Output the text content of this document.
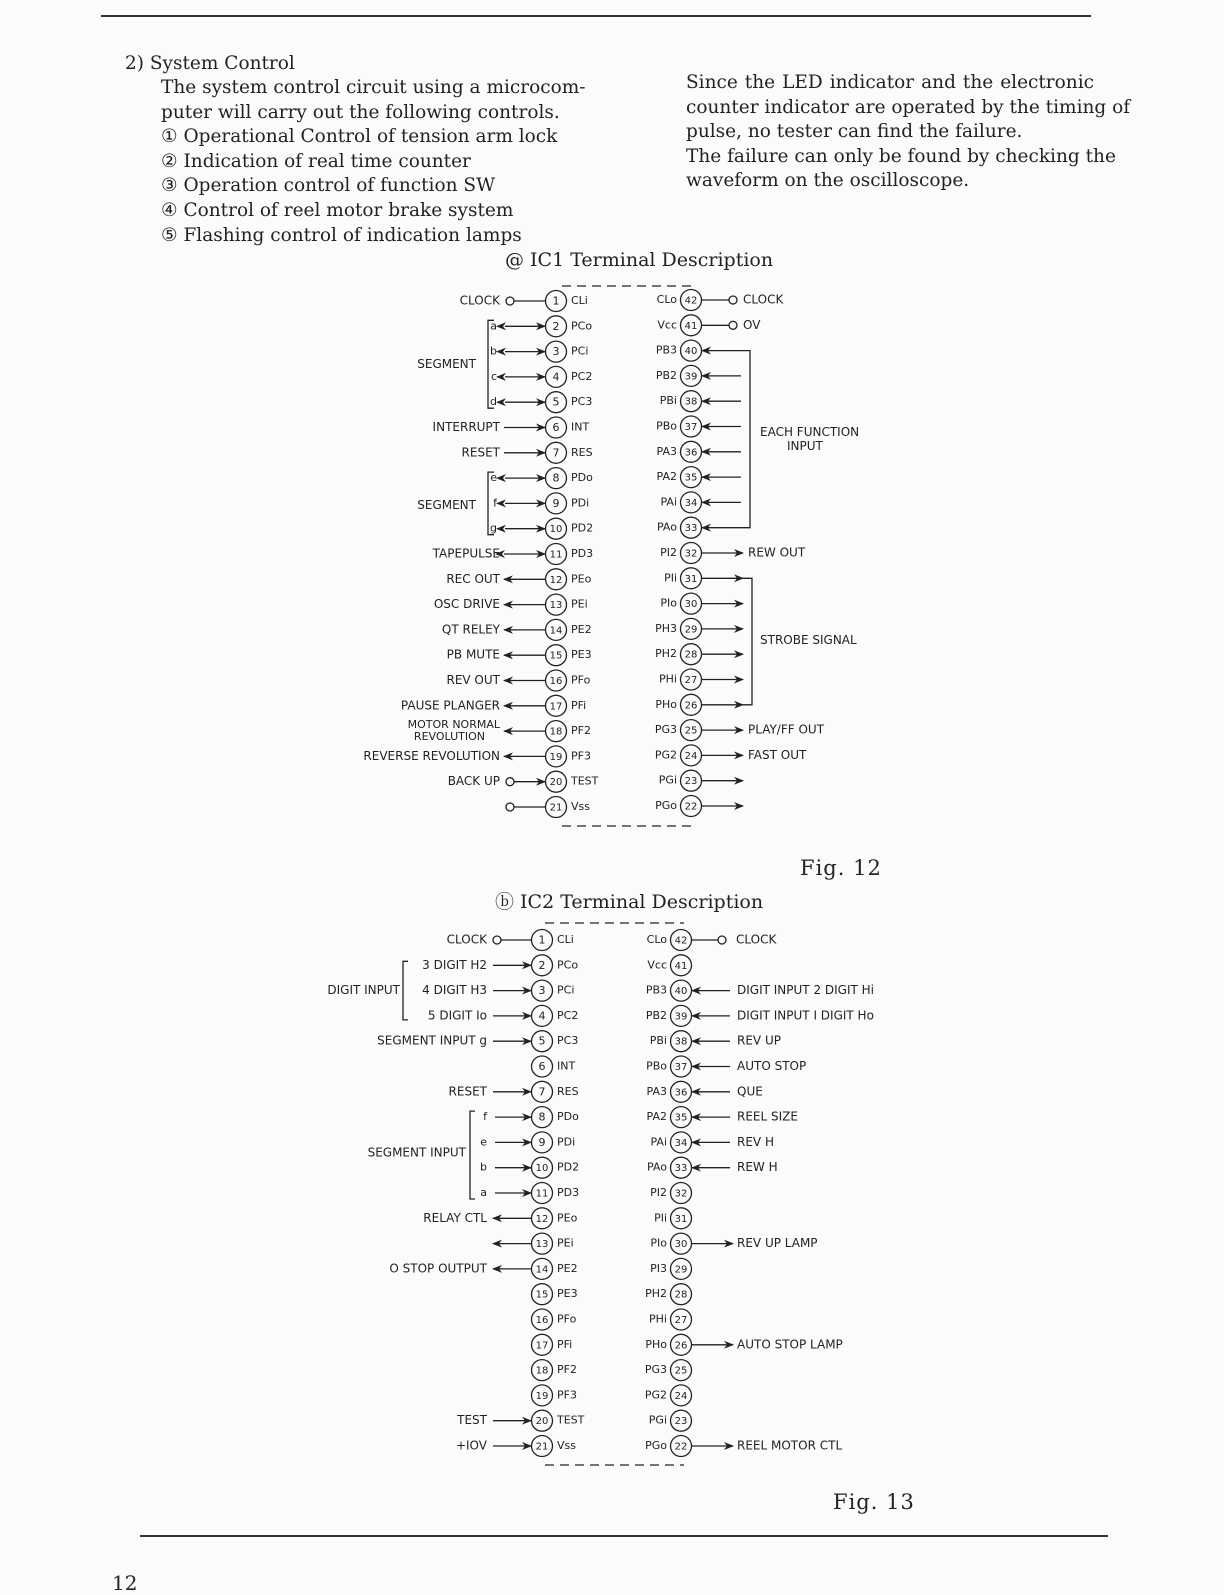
2) System Control
The system control circuit using a microcom-
puter will carry out the following controls.
① Operational Control of tension arm lock
② Indication of real time counter
③ Operation control of function SW
④ Control of reel motor brake system
⑤ Flashing control of indication lamps
Since the LED indicator and the electronic
counter indicator are operated by the timing of
pulse, no tester can find the failure.
The failure can only be found by checking the
waveform on the oscilloscope.
@ IC1 Terminal Description
ⓑ IC2 Terminal Description
Fig. 12
Fig. 13
1 CLi
CLOCK
2 PCo
a
3 PCi
b
4 PC2
c
5 PC3
d
6 INT
INTERRUPT
7 RES
RESET
8 PDo
e
9 PDi
f
10 PD2
g
11 PD3
TAPEPULSE
12 PEo
REC OUT
13 PEi
OSC DRIVE
14 PE2
QT RELEY
15 PE3
PB MUTE
16 PFo
REV OUT
17 PFi
PAUSE PLANGER
18 PF2
MOTOR NORMAL
REVOLUTION
19 PF3
REVERSE REVOLUTION
20 TEST
BACK UP
21 Vss
SEGMENT
SEGMENT
42
CLo	CLOCK
41
Vcc	OV
40
PB3
39
PB2
38
PBi
37
PBo
36
PA3
35
PA2
34
PAi
33
PAo
32
PI2	REW OUT
31
PIi
30
PIo
29
PH3
28
PH2
27
PHi
26
PHo
25
PG3	PLAY/FF OUT
24
PG2	FAST OUT
23
PGi
22
PGo
EACH FUNCTION
INPUT
STROBE SIGNAL
1 CLi
CLOCK
2 PCo
3 DIGIT H2
3 PCi
4 DIGIT H3
4 PC2
5 DIGIT Io
5 PC3
SEGMENT INPUT g
6 INT
7 RES
RESET
8 PDo
f
9 PDi
e
10 PD2
b
11 PD3
a
12 PEo
RELAY CTL
13 PEi
14 PE2
O STOP OUTPUT
15 PE3
16 PFo
17 PFi
18 PF2
19 PF3
20 TEST
TEST
21 Vss
+IOV
DIGIT INPUT
SEGMENT INPUT
42
CLo	CLOCK
41
Vcc
40
PB3	DIGIT INPUT 2 DIGIT Hi
39
PB2	DIGIT INPUT I DIGIT Ho
38
PBi	REV UP
37
PBo	AUTO STOP
36
PA3	QUE
35
PA2	REEL SIZE
34
PAi	REV H
33
PAo	REW H
32
PI2
31
PIi
30
PIo	REV UP LAMP
29
PI3
28
PH2
27
PHi
26
PHo	AUTO STOP LAMP
25
PG3
24
PG2
23
PGi
22
PGo	REEL MOTOR CTL
12
